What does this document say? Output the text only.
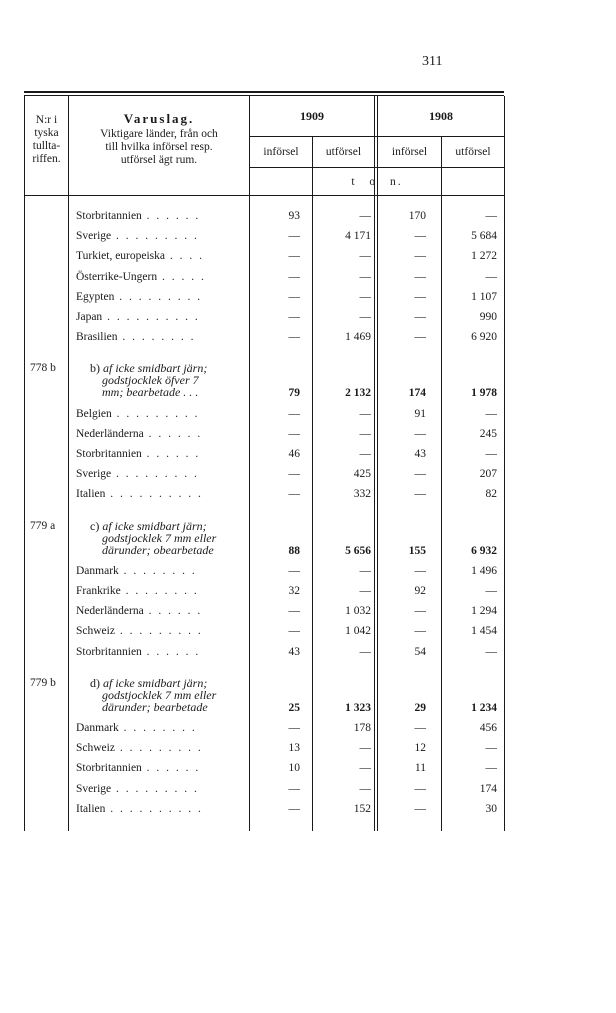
311
N:r i
tyska
tullta-
riffen.
Varuslag.
Viktigare länder, från och
till hvilka införsel resp.
utförsel ägt rum.
1909	1908
införsel	utförsel	införsel	utförsel
t o n.
Storbritannien . . . . . .	93	—	170	—
Sverige . . . . . . . . .	—	4 171	—	5 684
Turkiet, europeiska . . . .	—	—	—	1 272
Österrike-Ungern . . . . .	—	—	—	—
Egypten . . . . . . . . .	—	—	—	1 107
Japan . . . . . . . . . .	—	—	—	990
Brasilien . . . . . . . .	—	1 469	—	6 920
778 b	b) af icke smidbart järn;
godstjocklek öfver 7
mm; bearbetade . . .	79	2 132	174	1 978
Belgien . . . . . . . . .	—	—	91	—
Nederländerna . . . . . .	—	—	—	245
Storbritannien . . . . . .	46	—	43	—
Sverige . . . . . . . . .	—	425	—	207
Italien . . . . . . . . . .	—	332	—	82
779 a	c) af icke smidbart järn;
godstjocklek 7 mm eller
därunder; obearbetade	88	5 656	155	6 932
Danmark . . . . . . . .	—	—	—	1 496
Frankrike . . . . . . . .	32	—	92	—
Nederländerna . . . . . .	—	1 032	—	1 294
Schweiz . . . . . . . . .	—	1 042	—	1 454
Storbritannien . . . . . .	43	—	54	—
779 b	d) af icke smidbart järn;
godstjocklek 7 mm eller
därunder; bearbetade	25	1 323	29	1 234
Danmark . . . . . . . .	—	178	—	456
Schweiz . . . . . . . . .	13	—	12	—
Storbritannien . . . . . .	10	—	11	—
Sverige . . . . . . . . .	—	—	—	174
Italien . . . . . . . . . .	—	152	—	30
